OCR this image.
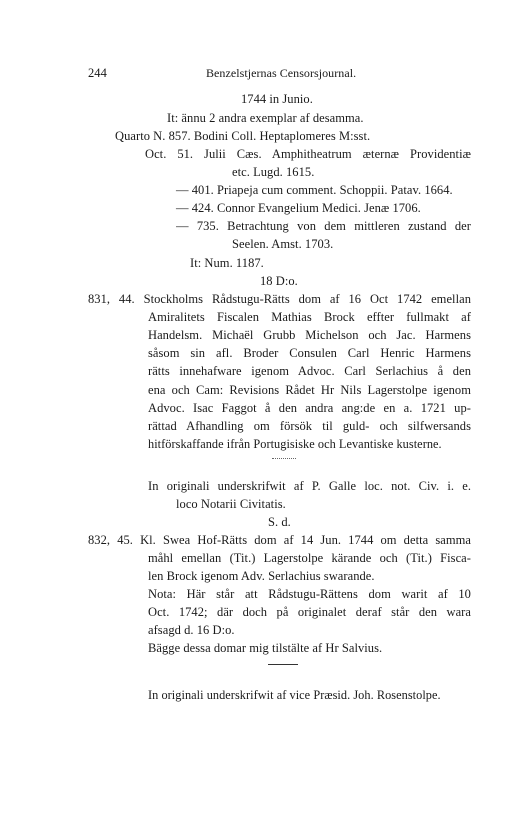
244	Benzelstjernas Censorsjournal.
1744 in Junio.
It: ännu 2 andra exemplar af desamma.
Quarto N. 857. Bodini Coll. Heptaplomeres M:sst.
Oct. 51. Julii Cæs. Amphitheatrum æternæ Providentiæ
etc. Lugd. 1615.
— 401. Priapeja cum comment. Schoppii. Patav. 1664.
— 424. Connor Evangelium Medici. Jenæ 1706.
— 735. Betrachtung von dem mittleren zustand der
Seelen. Amst. 1703.
It: Num. 1187.
18 D:o.
831, 44. Stockholms Rådstugu-Rätts dom af 16 Oct 1742 emellan
Amiralitets Fiscalen Mathias Brock effter fullmakt af
Handelsm. Michaël Grubb Michelson och Jac. Harmens
såsom sin afl. Broder Consulen Carl Henric Harmens
rätts innehafware igenom Advoc. Carl Serlachius å den
ena och Cam: Revisions Rådet Hr Nils Lagerstolpe igenom
Advoc. Isac Faggot å den andra ang:de en a. 1721 up-
rättad Afhandling om försök til guld- och silfwersands
hitförskaffande ifrån Portugisiske och Levantiske kusterne.
In originali underskrifwit af P. Galle loc. not. Civ. i. e.
loco Notarii Civitatis.
S. d.
832, 45. Kl. Swea Hof-Rätts dom af 14 Jun. 1744 om detta samma
måhl emellan (Tit.) Lagerstolpe kärande och (Tit.) Fisca-
len Brock igenom Adv. Serlachius swarande.
Nota: Här står att Rådstugu-Rättens dom warit af 10
Oct. 1742; där doch på originalet deraf står den wara
afsagd d. 16 D:o.
Bägge dessa domar mig tilstälte af Hr Salvius.
In originali underskrifwit af vice Præsid. Joh. Rosenstolpe.
